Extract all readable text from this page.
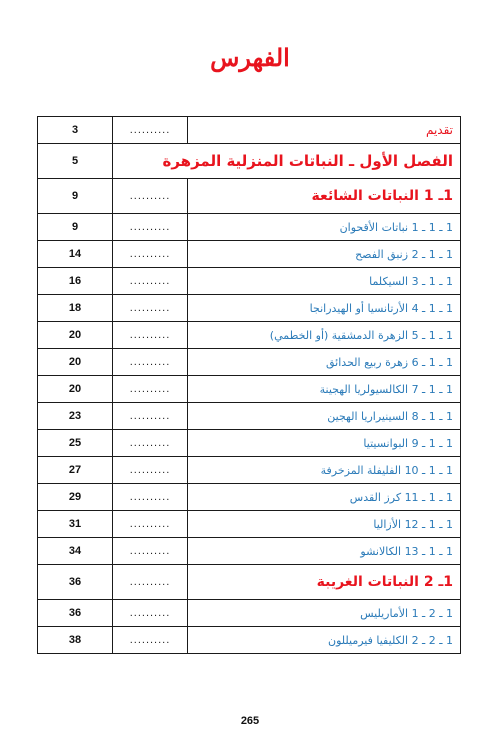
الفهرس
3	..........	تقديم
5	الفصل الأول ـ النباتات المنزلية المزهرة	
9	..........	1ـ 1 النباتات الشائعة
9	..........	1 ـ 1 ـ 1 نباتات الأقحوان
14	..........	1 ـ 1 ـ 2 زنبق الفصح
16	..........	1 ـ 1 ـ 3 السيكلما
18	..........	1 ـ 1 ـ 4 الأرتانسيا أو الهيدرانجا
20	..........	1 ـ 1 ـ 5 الزهرة الدمشقية (أو الخطمي)
20	..........	1 ـ 1 ـ 6 زهرة ربيع الحدائق
20	..........	1 ـ 1 ـ 7 الكالسيولريا الهجينة
23	..........	1 ـ 1 ـ 8 السينيراريا الهجين
25	..........	1 ـ 1 ـ 9 البوانسيتيا
27	..........	1 ـ 1 ـ 10 الفليفلة المزخرفة
29	..........	1 ـ 1 ـ 11 كرز القدس
31	..........	1 ـ 1 ـ 12 الأزاليا
34	..........	1 ـ 1 ـ 13 الكالانشو
36	..........	1ـ 2 النباتات الغريبة
36	..........	1 ـ 2 ـ 1 الأماريليس
38	..........	1 ـ 2 ـ 2 الكليفيا فيرميللون
265
